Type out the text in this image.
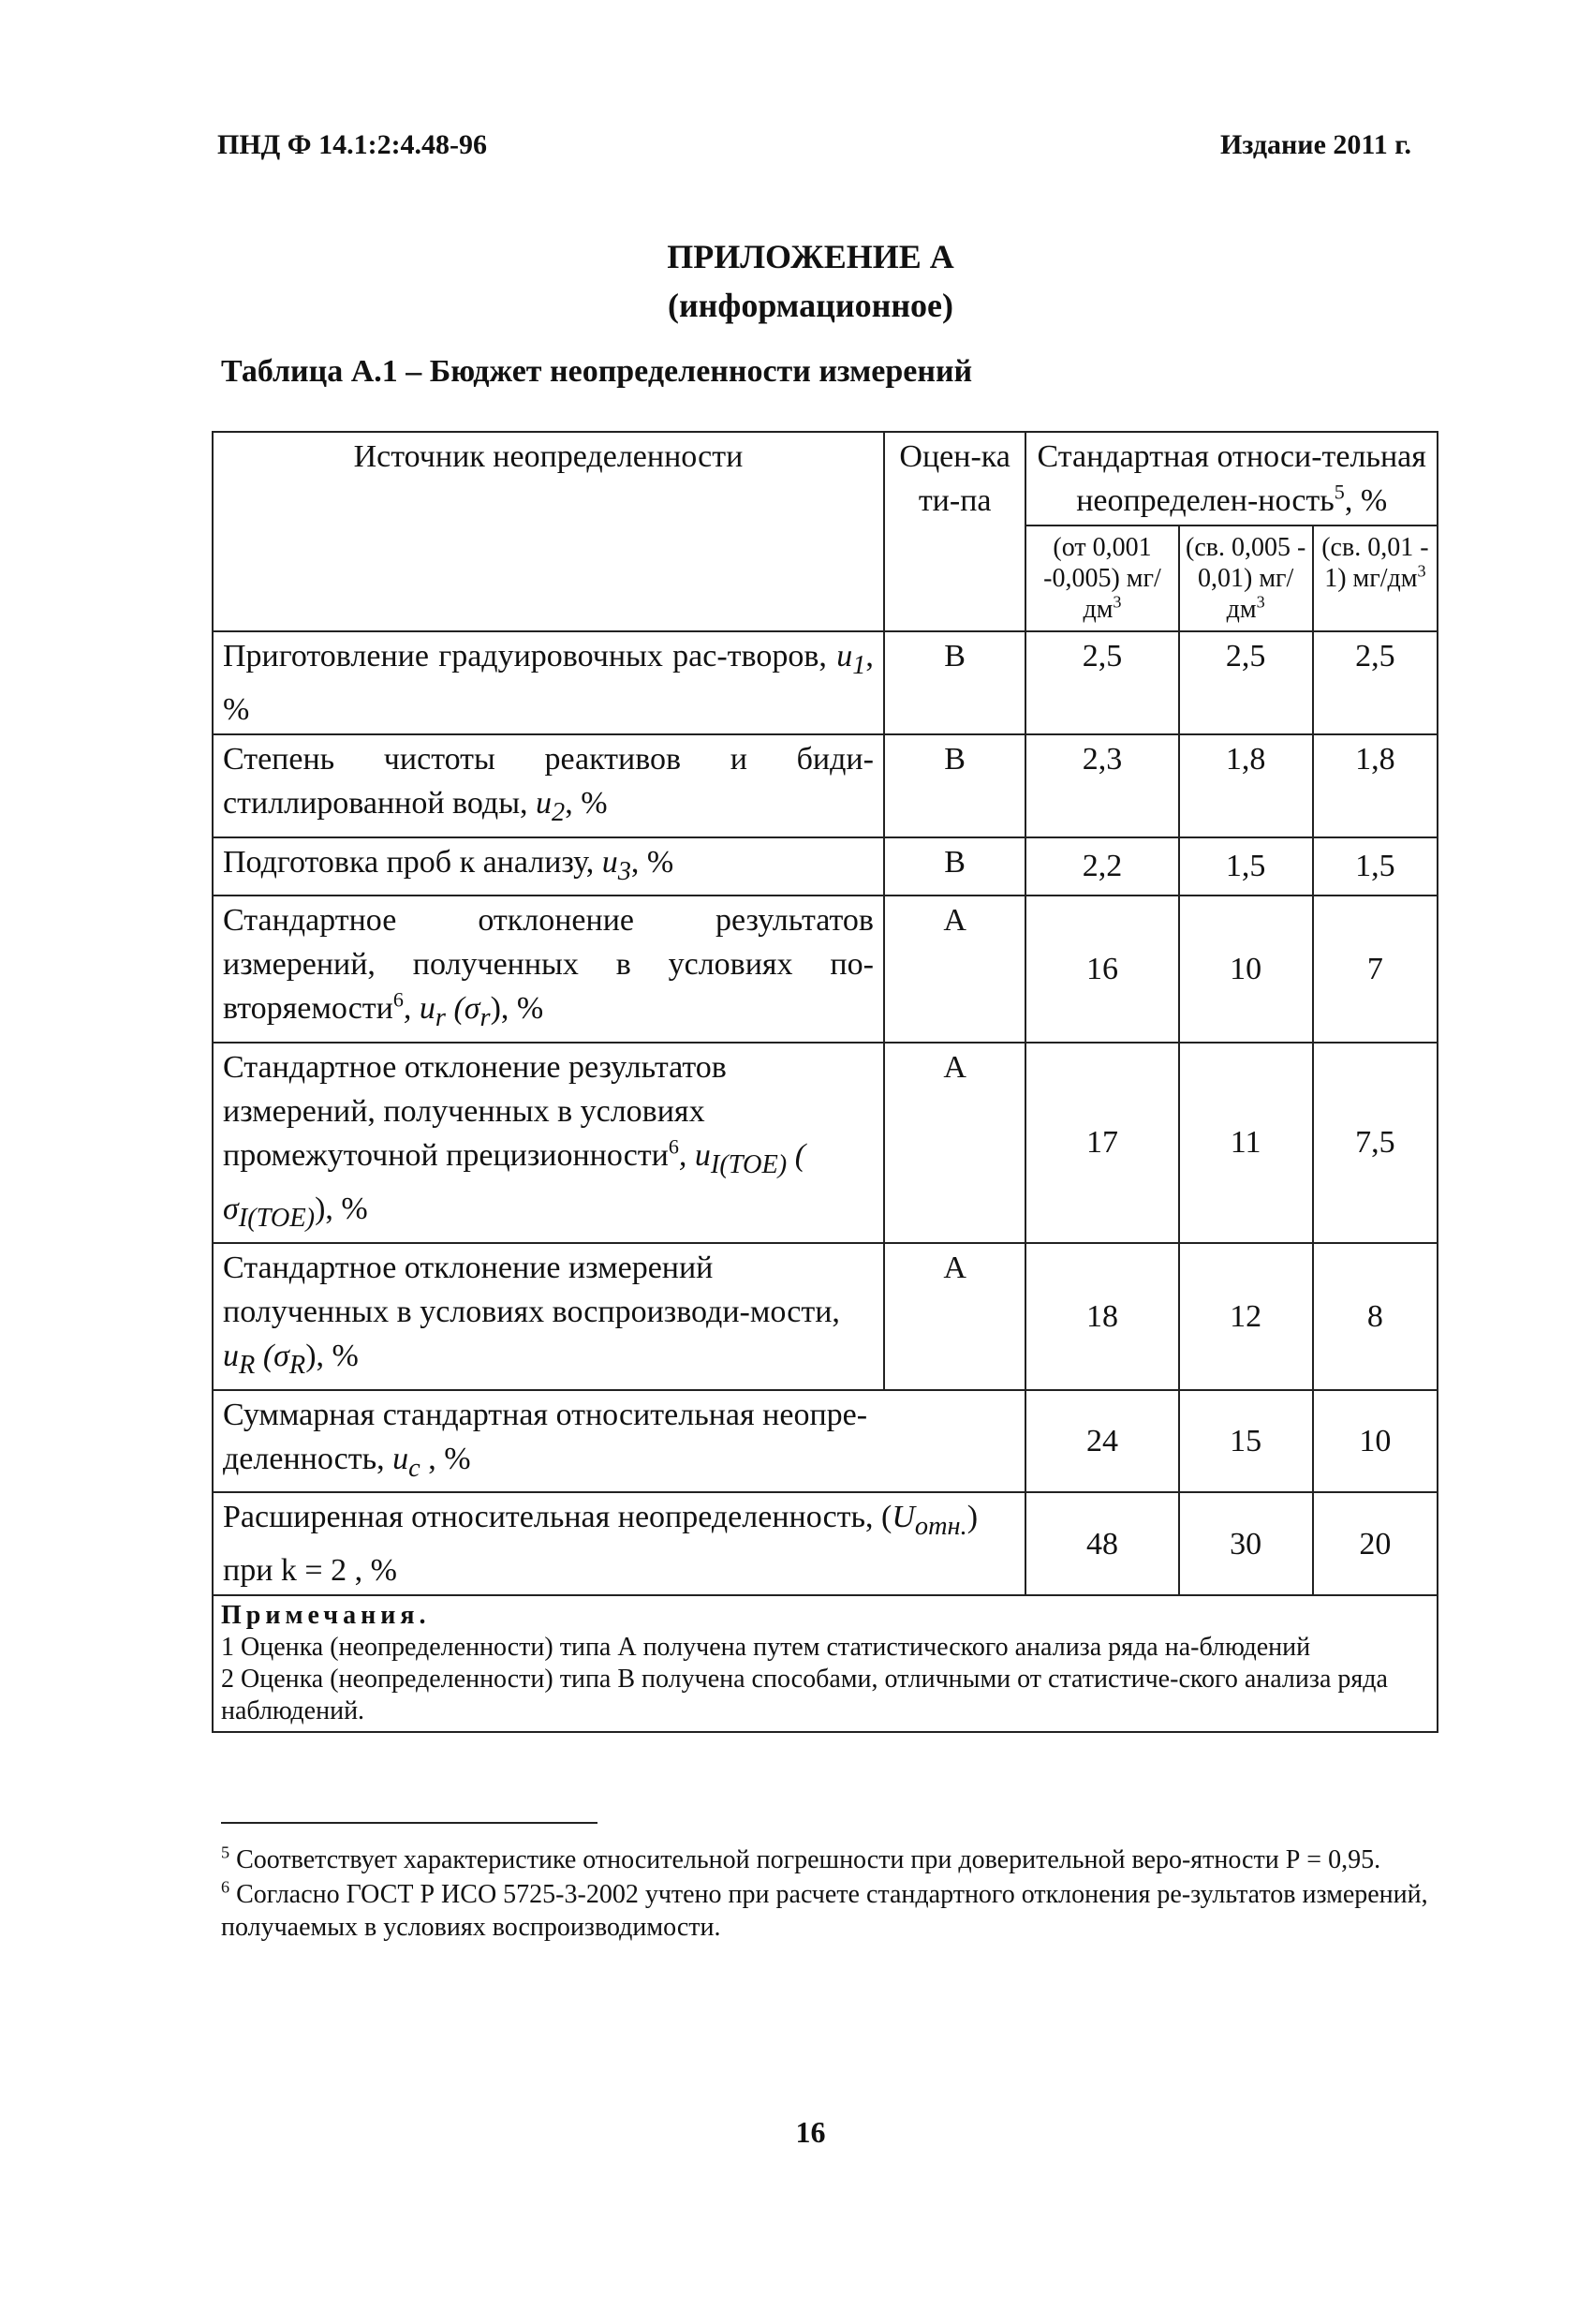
ПНД Ф 14.1:2:4.48-96	Издание 2011 г.
ПРИЛОЖЕНИЕ А
(информационное)
Таблица А.1 – Бюджет неопределенности измерений
Источник неопределенности	Оцен-ка ти-па	Стандартная относи-тельная неопределен-ность$^5$, %		
		(от 0,001 -0,005) $мг/дм^3$	(св. 0,005 - 0,01) $мг/дм^3$	(св. 0,01 - 1) $мг/дм^3$
Приготовление градуировочных рас-творов, $u_1$, %	B	2,5	2,5	2,5
Степень чистоты реактивов и биди-стиллированной воды, $u_2$, %	B	2,3	1,8	1,8
Подготовка проб к анализу, $u_3$, %	B	2,2	1,5	1,5
Стандартное отклонение результатов измерений, полученных в условиях по-вторяемости$^6$, $u_r$ $(\sigma_r)$, %	A	16	10	7
Стандартное отклонение результатов измерений, полученных в условиях промежуточной прецизионности$^6$, $u_{I(TOE)}$ ( $\sigma_{I(TOE)}$), %	A	17	11	7,5
Стандартное отклонение измерений полученных в условиях воспроизводи-мости, $u_R$ $(\sigma_R)$, %	A	18	12	8
Суммарная стандартная относительная неопре-деленность, $u_c$ , %		24	15	10
Расширенная относительная неопределенность, $(U_{отн.})$ при k = 2 , %		48	30	20

Примечания.
1 Оценка (неопределенности) типа А получена путем статистического анализа ряда на-блюдений
2 Оценка (неопределенности) типа В получена способами, отличными от статистиче-ского анализа ряда наблюдений.				
$^5$ Соответствует характеристике относительной погрешности при доверительной веро-ятности Р = 0,95.
$^6$ Согласно ГОСТ Р ИСО 5725-3-2002 учтено при расчете стандартного отклонения ре-зультатов измерений, получаемых в условиях воспроизводимости.
16
